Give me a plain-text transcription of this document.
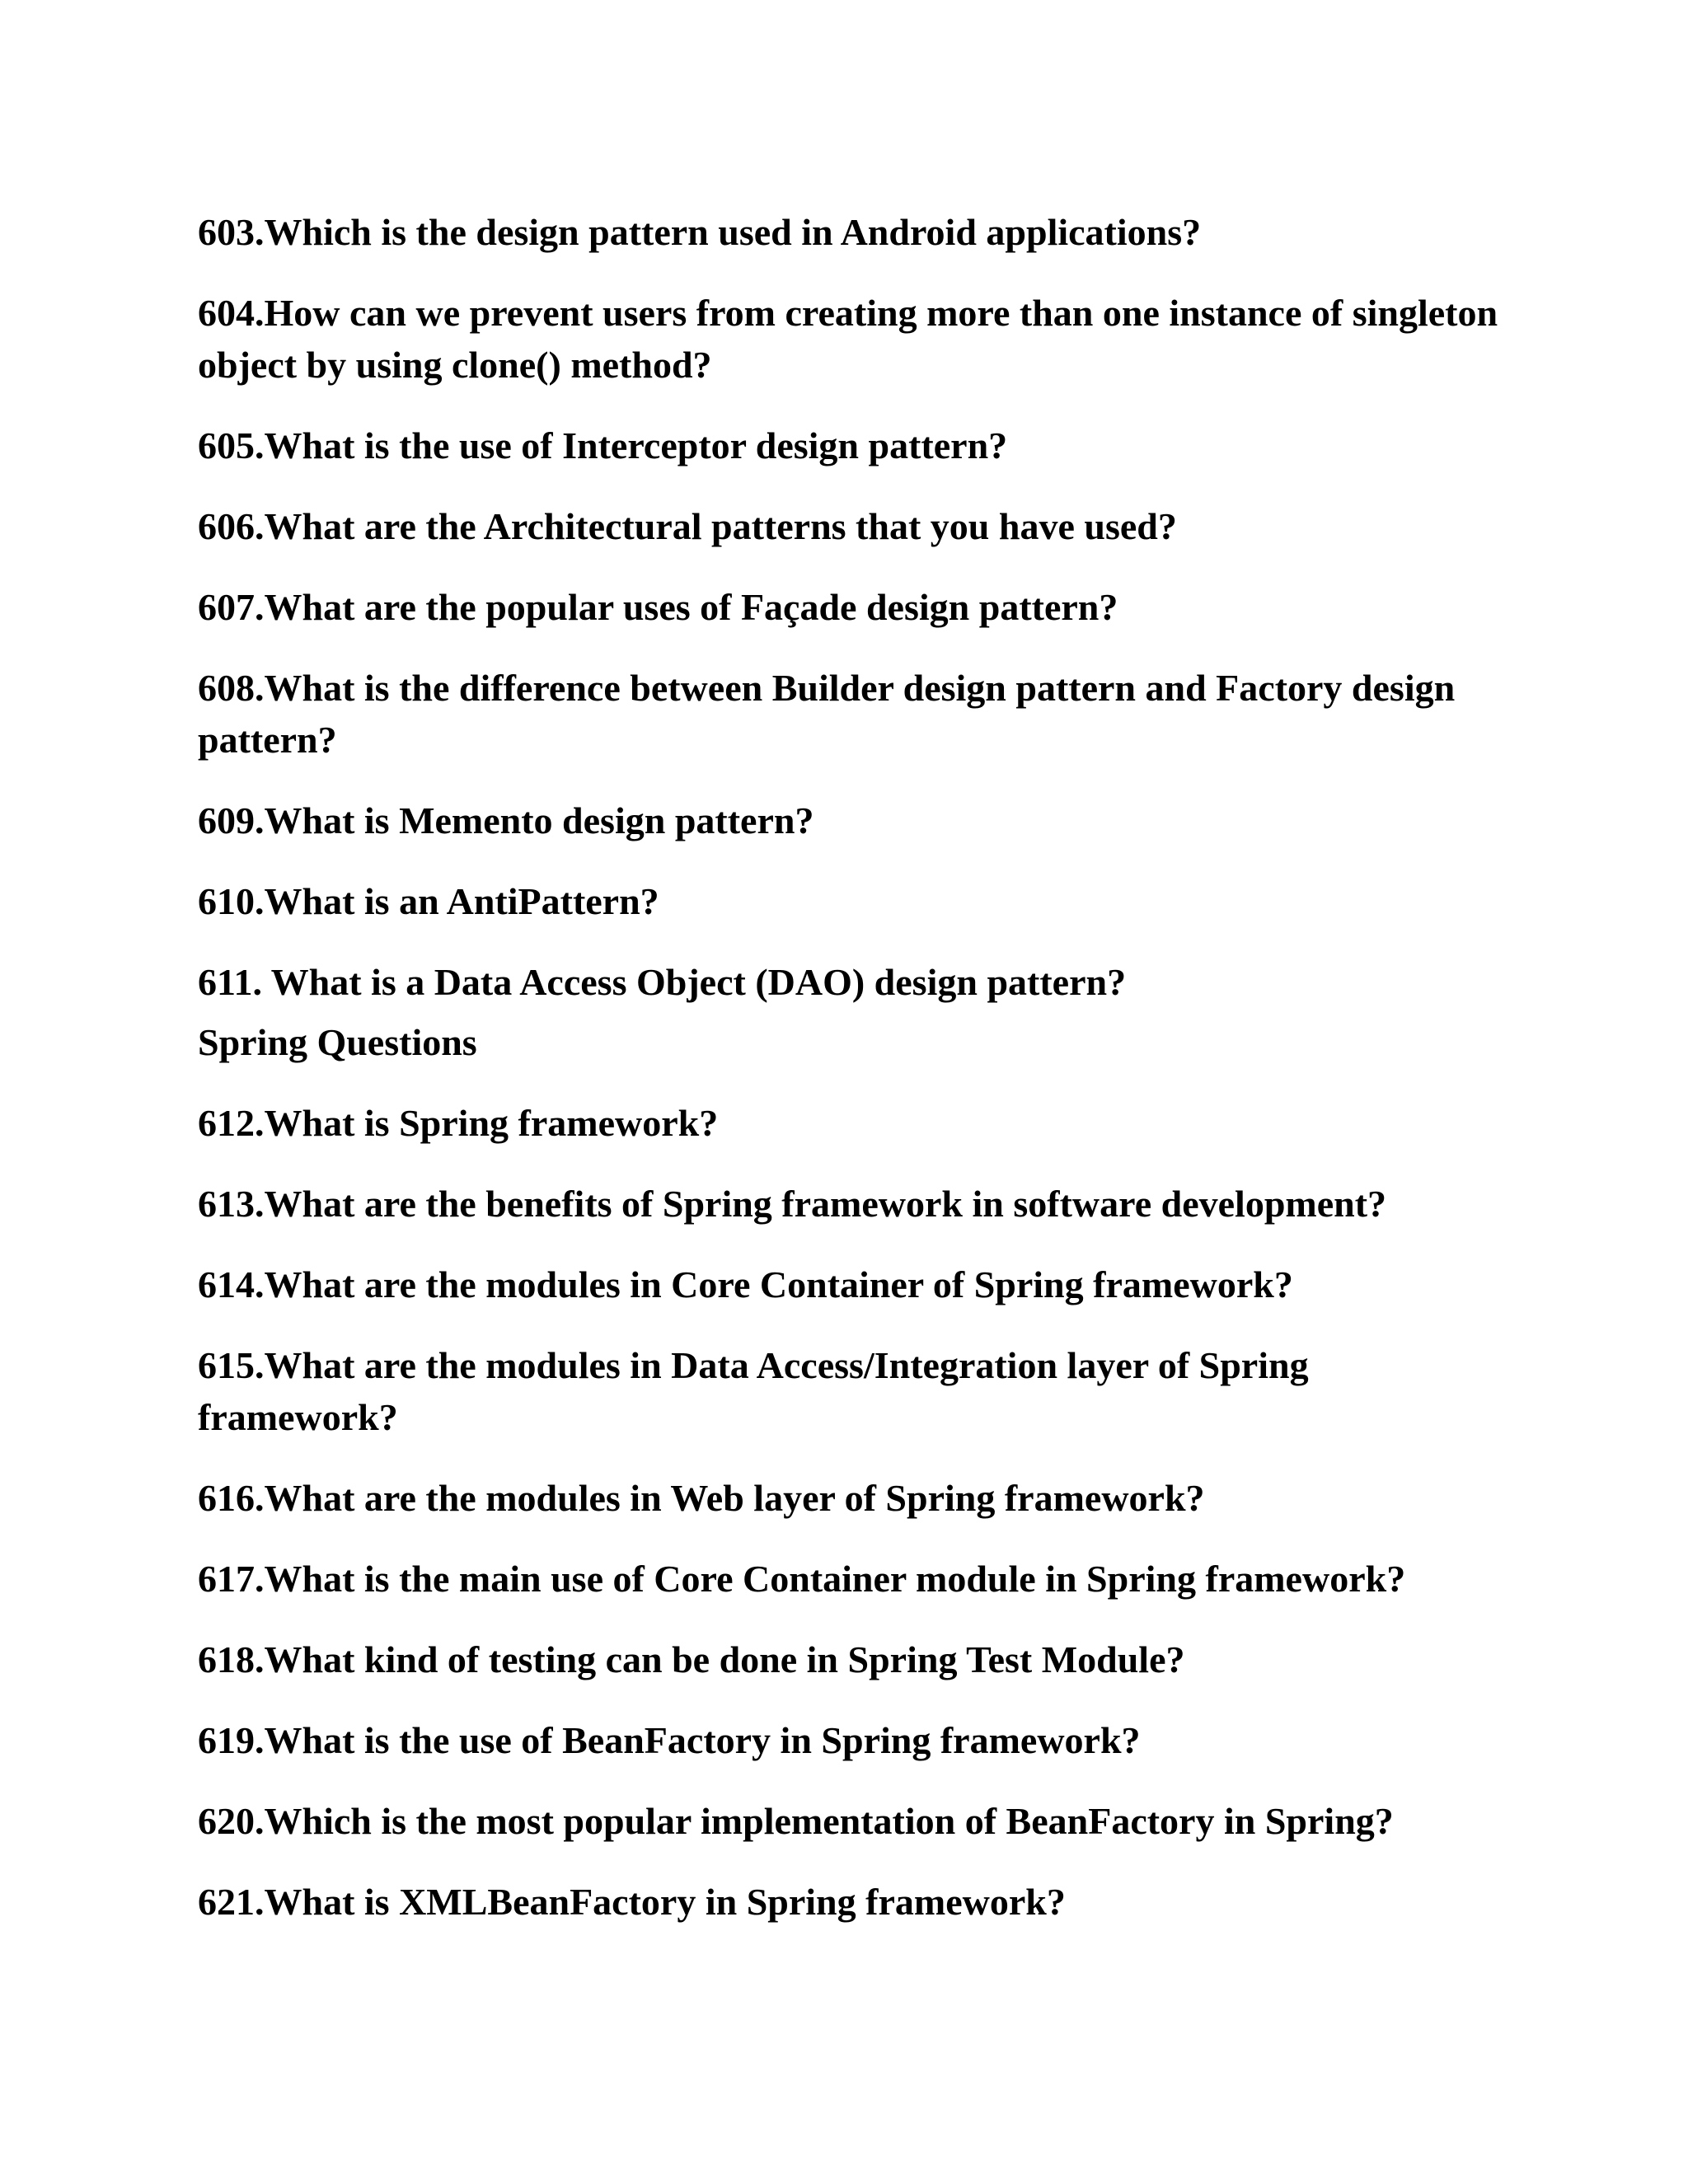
603.Which is the design pattern used in Android applications?

604.How can we prevent users from creating more than one instance of singleton object by using clone() method?

605.What is the use of Interceptor design pattern?

606.What are the Architectural patterns that you have used?

607.What are the popular uses of Façade design pattern?

608.What is the difference between Builder design pattern and Factory design pattern?

609.What is Memento design pattern?

610.What is an AntiPattern?

611. What is a Data Access Object (DAO) design pattern?

Spring Questions

612.What is Spring framework?

613.What are the benefits of Spring framework in software development?

614.What are the modules in Core Container of Spring framework?

615.What are the modules in Data Access/Integration layer of Spring framework?

616.What are the modules in Web layer of Spring framework?

617.What is the main use of Core Container module in Spring framework?

618.What kind of testing can be done in Spring Test Module?

619.What is the use of BeanFactory in Spring framework?

620.Which is the most popular implementation of BeanFactory in Spring?

621.What is XMLBeanFactory in Spring framework?
